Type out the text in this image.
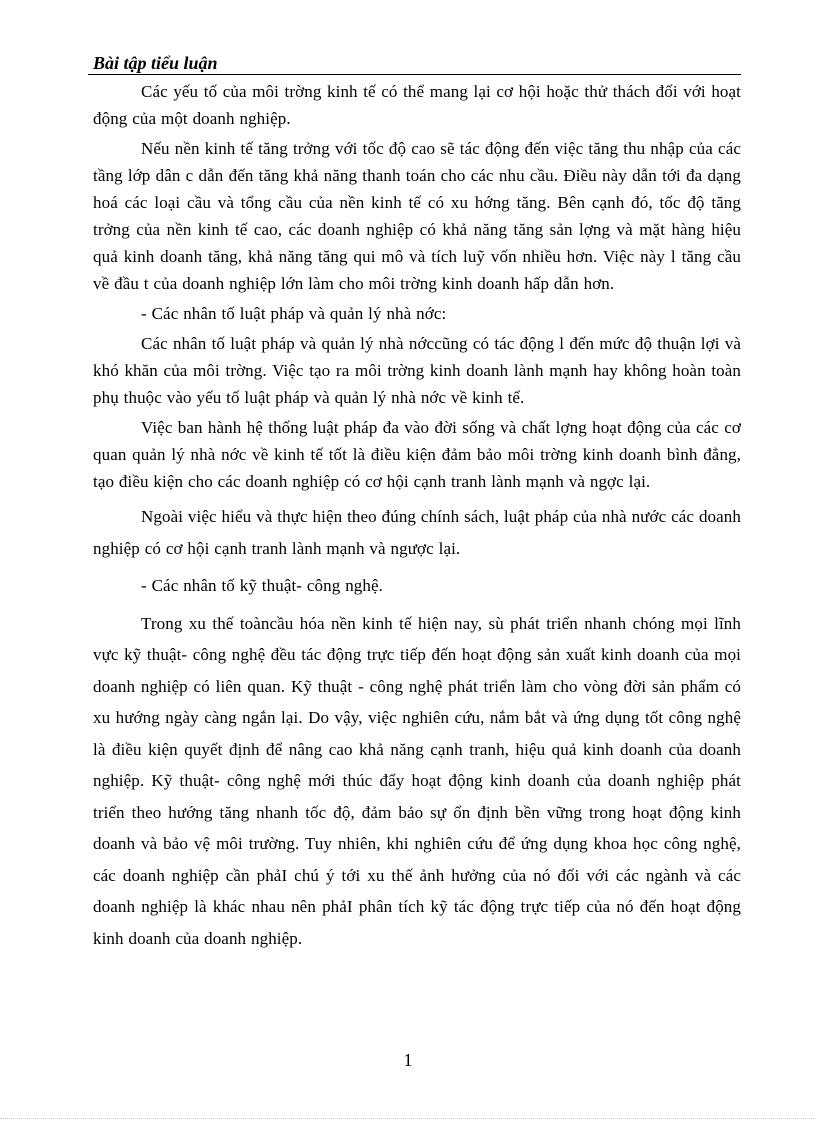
Bài tập tiểu luận

Các yếu tố của môi trờng kinh tế có thể mang lại cơ hội hoặc thử thách đối với hoạt động của một doanh nghiệp.

Nếu nền kinh tế tăng trởng với tốc độ cao sẽ tác động đến việc tăng thu nhập của các tầng lớp dân c dẫn đến tăng khả năng thanh toán cho các nhu cầu. Điều này dẫn tới đa dạng hoá các loại cầu và tổng cầu của nền kinh tế có xu hớng tăng. Bên cạnh đó, tốc độ tăng trởng của nền kinh tế cao, các doanh nghiệp có khả năng tăng sản lợng và mặt hàng hiệu quả kinh doanh tăng, khả năng tăng qui mô và tích luỹ vốn nhiều hơn. Việc này l tăng cầu về đầu t của doanh nghiệp lớn làm cho môi trờng kinh doanh hấp dẫn hơn.

- Các nhân tố luật pháp và quản lý nhà nớc:

Các nhân tố luật pháp và quản lý nhà nớccũng có tác động l đến mức độ thuận lợi và khó khăn của môi trờng. Việc tạo ra môi trờng kinh doanh lành mạnh hay không hoàn toàn phụ thuộc vào yếu tố luật pháp và quản lý nhà nớc về kinh tế.

Việc ban hành hệ thống luật pháp đa vào đời sống và chất lợng hoạt động của các cơ quan quản lý nhà nớc về kinh tế tốt là điều kiện đảm bảo môi trờng kinh doanh bình đẳng, tạo điều kiện cho các doanh nghiệp có cơ hội cạnh tranh lành mạnh và ngợc lại.

Ngoài việc hiểu và thực hiện theo đúng chính sách, luật pháp của nhà nước các doanh nghiệp có cơ hội cạnh tranh lành mạnh và ngược lại.

- Các nhân tố kỹ thuật- công nghệ.

Trong xu thế toàncầu hóa nền kinh tế hiện nay, sù phát triển nhanh chóng mọi lĩnh vực kỹ thuật- công nghệ đều tác động trực tiếp đến hoạt động sản xuất kinh doanh của mọi doanh nghiệp có liên quan. Kỹ thuật - công nghệ phát triển làm cho vòng đời sản phẩm có xu hướng ngày càng ngắn lại. Do vậy, việc nghiên cứu, nắm bắt và ứng dụng tốt công nghệ là điều kiện quyết định để nâng cao khả năng cạnh tranh, hiệu quả kinh doanh của doanh nghiệp. Kỹ thuật- công nghệ mới thúc đẩy hoạt động kinh doanh của doanh nghiệp phát triển theo hướng tăng nhanh tốc độ, đảm bảo sự ổn định bền vững trong hoạt động kinh doanh và bảo vệ môi trường. Tuy nhiên, khi nghiên cứu để ứng dụng khoa học công nghệ, các doanh nghiệp cần phảI chú ý tới xu thế ảnh hưởng của nó đối với các ngành và các doanh nghiệp là khác nhau nên phảI phân tích kỹ tác động trực tiếp của nó đến hoạt động kinh doanh của doanh nghiệp.

1
